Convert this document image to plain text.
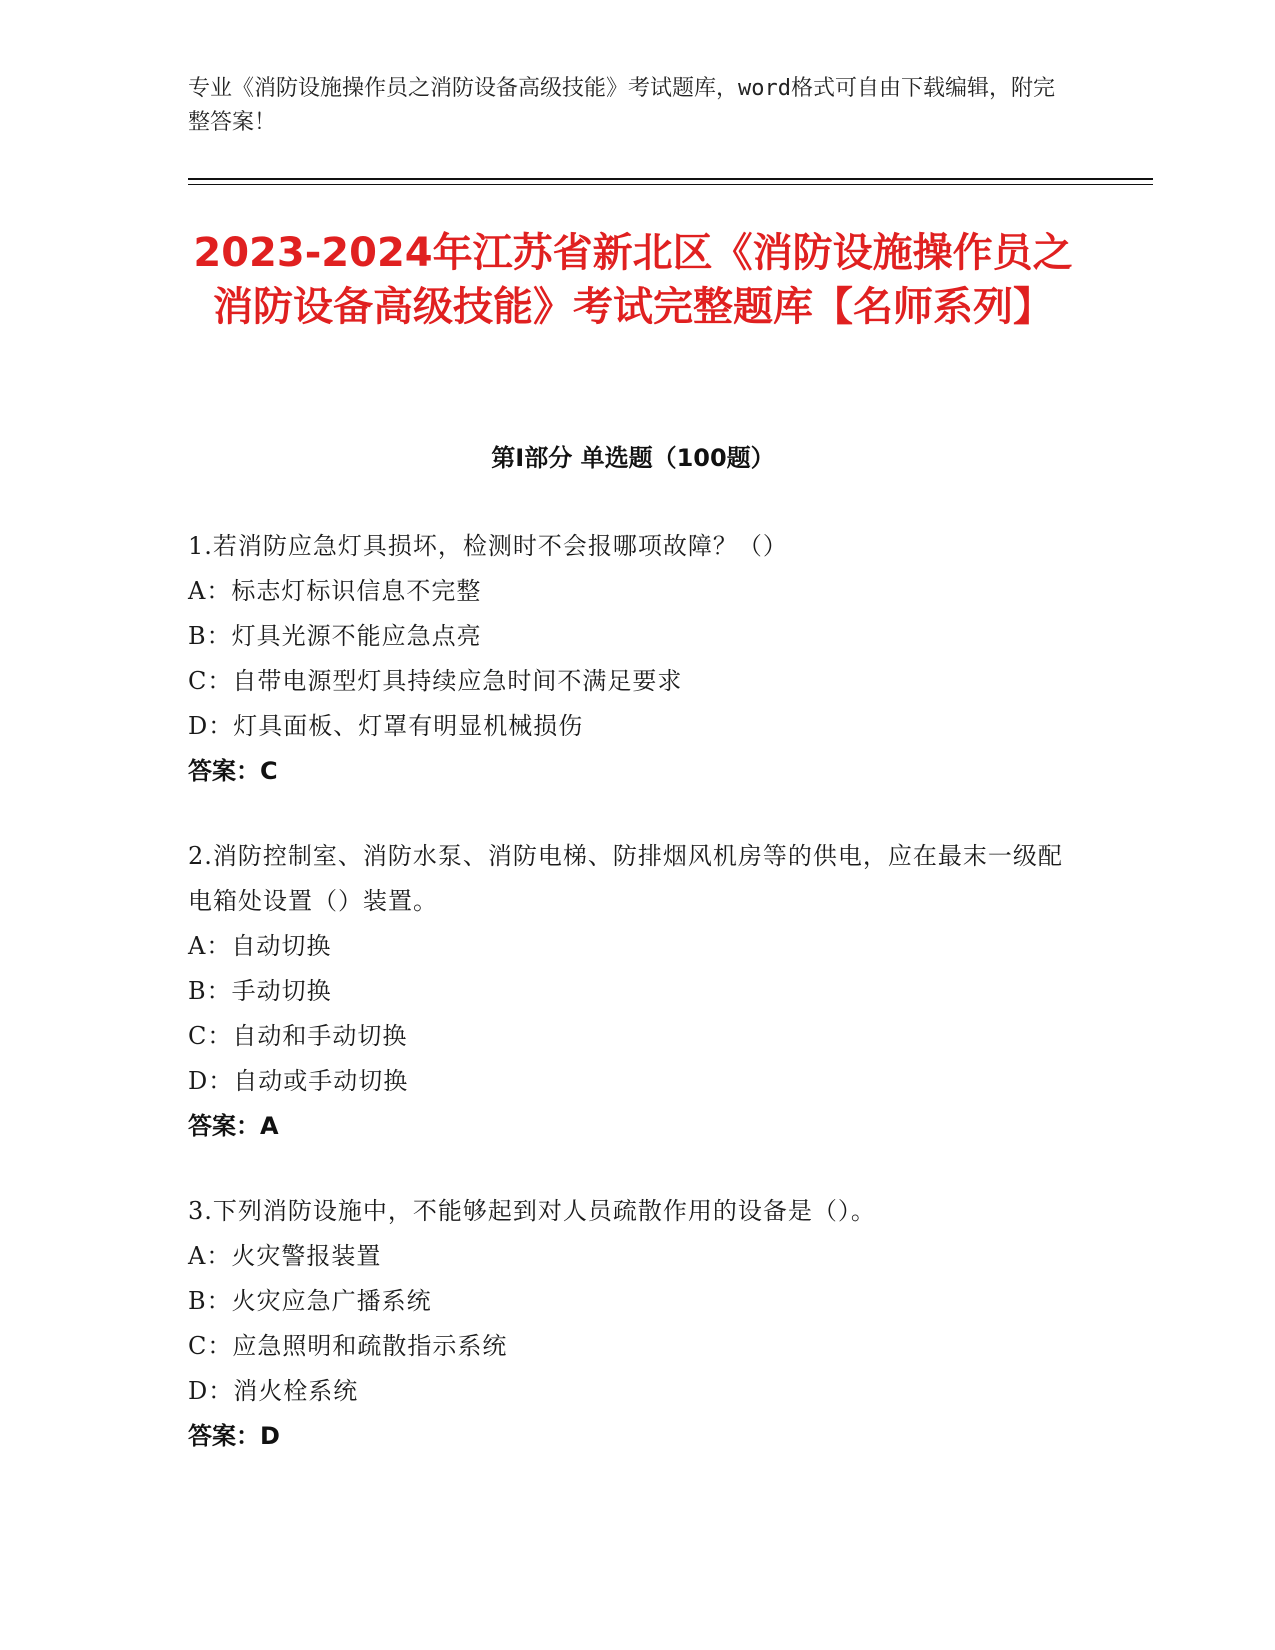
专业《消防设施操作员之消防设备高级技能》考试题库，word格式可自由下载编辑，附完整答案！
2023-2024年江苏省新北区《消防设施操作员之消防设备高级技能》考试完整题库【名师系列】
第I部分 单选题（100题）
1.若消防应急灯具损坏，检测时不会报哪项故障？（）
A：标志灯标识信息不完整
B：灯具光源不能应急点亮
C：自带电源型灯具持续应急时间不满足要求
D：灯具面板、灯罩有明显机械损伤
答案：C
2.消防控制室、消防水泵、消防电梯、防排烟风机房等的供电，应在最末一级配电箱处设置（）装置。
A：自动切换
B：手动切换
C：自动和手动切换
D：自动或手动切换
答案：A
3.下列消防设施中，不能够起到对人员疏散作用的设备是（）。
A：火灾警报装置
B：火灾应急广播系统
C：应急照明和疏散指示系统
D：消火栓系统
答案：D
